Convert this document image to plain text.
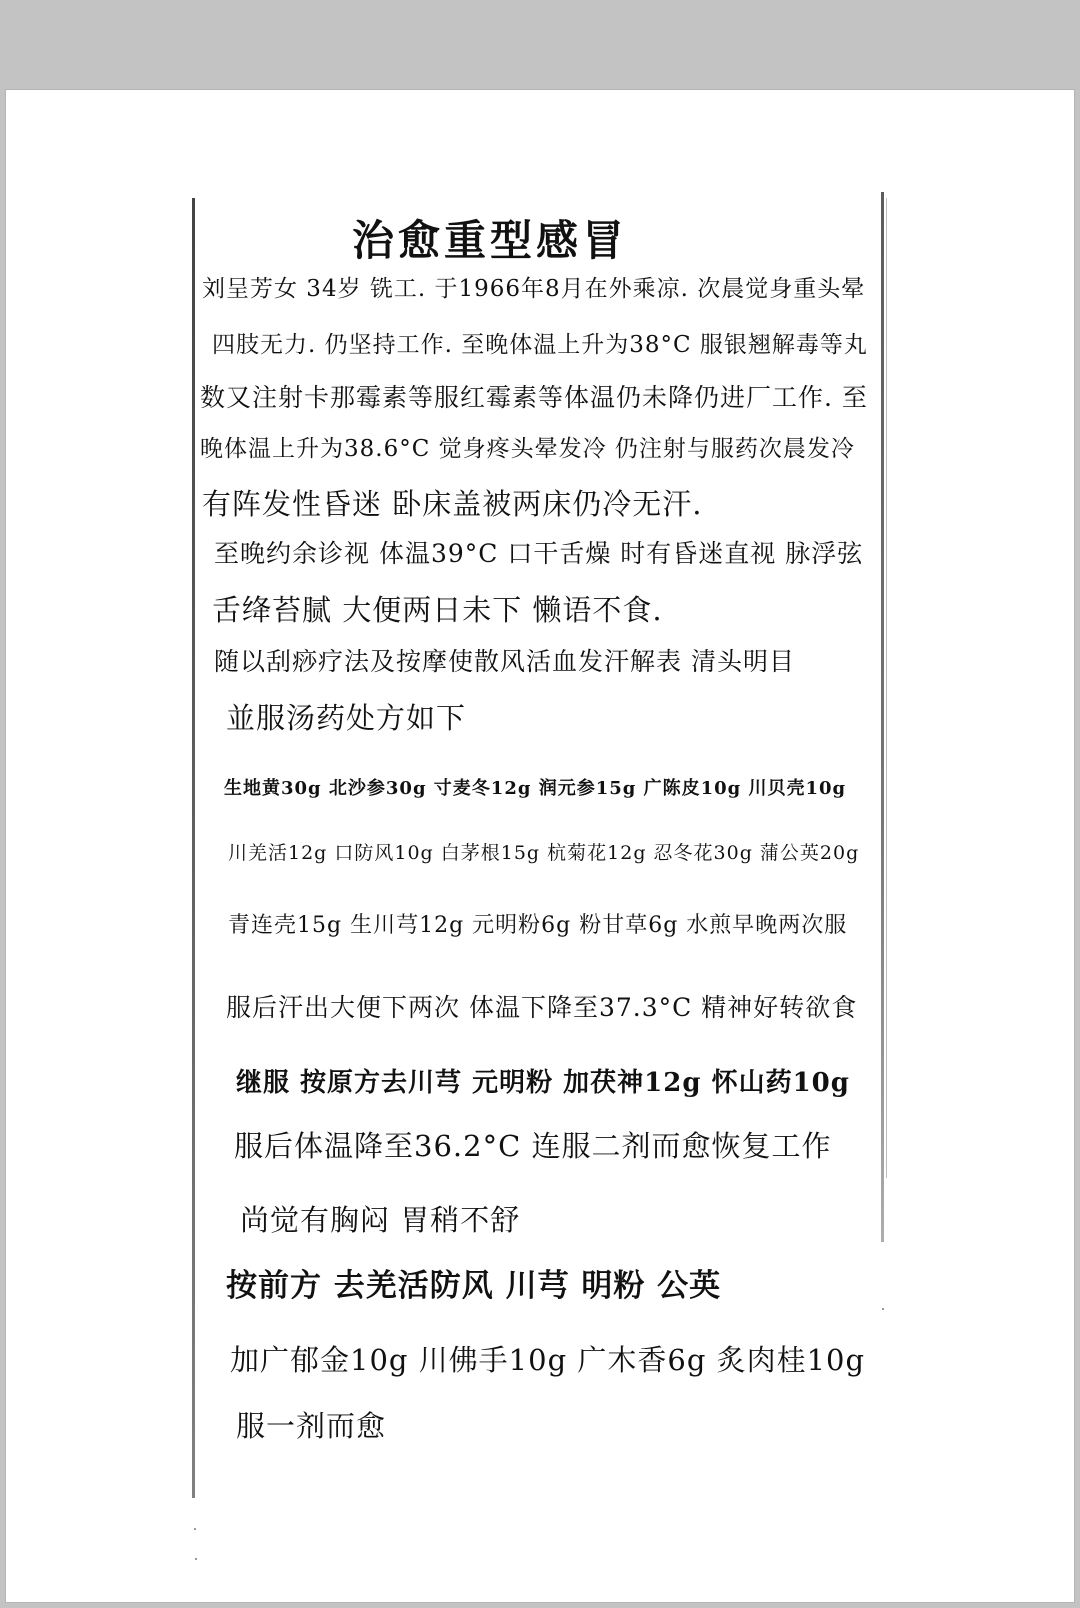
治愈重型感冒
刘呈芳女 34岁 铣工. 于1966年8月在外乘凉. 次晨觉身重头晕
四肢无力. 仍坚持工作. 至晚体温上升为38°C 服银翘解毒等丸
数又注射卡那霉素等服红霉素等体温仍未降仍进厂工作. 至
晚体温上升为38.6°C 觉身疼头晕发冷 仍注射与服药次晨发冷
有阵发性昏迷 卧床盖被两床仍冷无汗.
至晚约余诊视 体温39°C 口干舌燥 时有昏迷直视 脉浮弦
舌绛苔腻 大便两日未下 懒语不食.
随以刮痧疗法及按摩使散风活血发汗解表 清头明目
並服汤药处方如下
生地黄30g 北沙参30g 寸麦冬12g 润元参15g 广陈皮10g 川贝壳10g
川羌活12g 口防风10g 白茅根15g 杭菊花12g 忍冬花30g 蒲公英20g
青连壳15g 生川芎12g 元明粉6g 粉甘草6g 水煎早晚两次服
服后汗出大便下两次 体温下降至37.3°C 精神好转欲食
继服 按原方去川芎 元明粉 加茯神12g 怀山药10g
服后体温降至36.2°C 连服二剂而愈恢复工作
尚觉有胸闷 胃稍不舒
按前方 去羌活防风 川芎 明粉 公英
加广郁金10g 川佛手10g 广木香6g 炙肉桂10g
服一剂而愈
